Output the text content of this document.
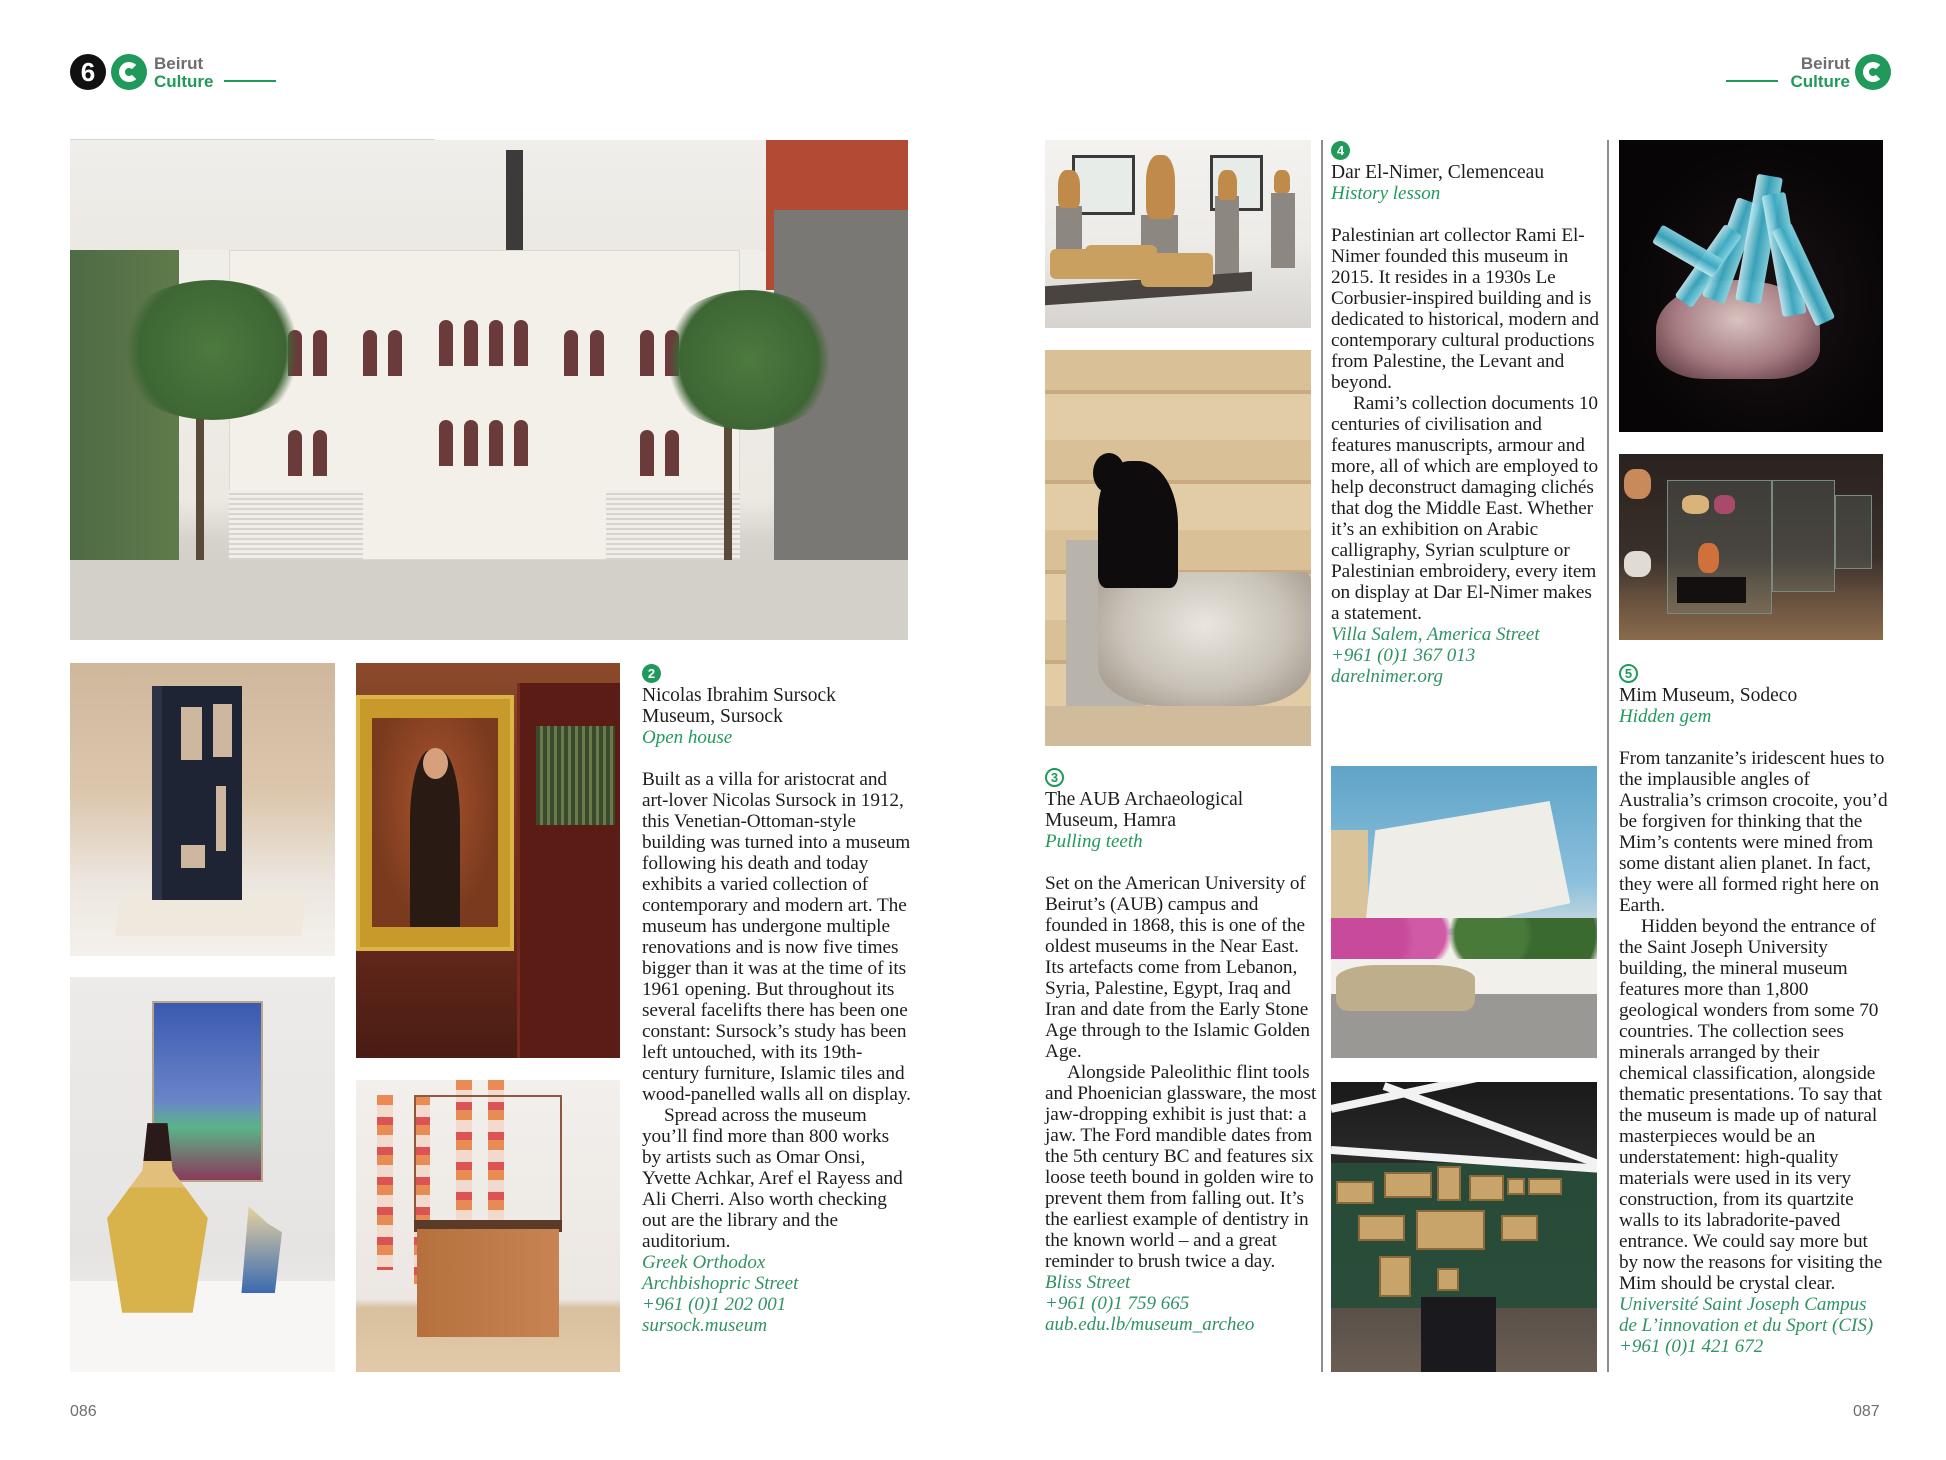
6	Beirut
Culture
Beirut
Culture
2
Nicolas Ibrahim Sursock
Museum, Sursock
Open house

Built as a villa for aristocrat and art-lover Nicolas Sursock in 1912, this Venetian-Ottoman-style building was turned into a museum following his death and today exhibits a varied collection of contemporary and modern art. The museum has undergone multiple renovations and is now five times bigger than it was at the time of its 1961 opening. But throughout its several facelifts there has been one constant: Sursock’s study has been left untouched, with its 19th-century furniture, Islamic tiles and wood-panelled walls all on display.

Spread across the museum you’ll find more than 800 works by artists such as Omar Onsi, Yvette Achkar, Aref el Rayess and Ali Cherri. Also worth checking out are the library and the auditorium.

Greek Orthodox
Archbishopric Street
+961 (0)1 202 001
sursock.museum
4
Dar El-Nimer, Clemenceau
History lesson

Palestinian art collector Rami El-Nimer founded this museum in 2015. It resides in a 1930s Le Corbusier-inspired building and is dedicated to historical, modern and contemporary cultural productions from Palestine, the Levant and beyond.

Rami’s collection documents 10 centuries of civilisation and features manuscripts, armour and more, all of which are employed to help deconstruct damaging clichés that dog the Middle East. Whether it’s an exhibition on Arabic calligraphy, Syrian sculpture or Palestinian embroidery, every item on display at Dar El-Nimer makes a statement.

Villa Salem, America Street
+961 (0)1 367 013
darelnimer.org
3
The AUB Archaeological
Museum, Hamra
Pulling teeth

Set on the American University of Beirut’s (AUB) campus and founded in 1868, this is one of the oldest museums in the Near East. Its artefacts come from Lebanon, Syria, Palestine, Egypt, Iraq and Iran and date from the Early Stone Age through to the Islamic Golden Age.

Alongside Paleolithic flint tools and Phoenician glassware, the most jaw-dropping exhibit is just that: a jaw. The Ford mandible dates from the 5th century BC and features six loose teeth bound in golden wire to prevent them from falling out. It’s the earliest example of dentistry in the known world – and a great reminder to brush twice a day.

Bliss Street
+961 (0)1 759 665
aub.edu.lb/museum_archeo
5
Mim Museum, Sodeco
Hidden gem

From tanzanite’s iridescent hues to the implausible angles of Australia’s crimson crocoite, you’d be forgiven for thinking that the Mim’s contents were mined from some distant alien planet. In fact, they were all formed right here on Earth.

Hidden beyond the entrance of the Saint Joseph University building, the mineral museum features more than 1,800 geological wonders from some 70 countries. The collection sees minerals arranged by their chemical classification, alongside thematic presentations. To say that the museum is made up of natural masterpieces would be an understatement: high-quality materials were used in its very construction, from its quartzite walls to its labradorite-paved entrance. We could say more but by now the reasons for visiting the Mim should be crystal clear.

Université Saint Joseph Campus
de L’innovation et du Sport (CIS)
+961 (0)1 421 672
086	087
